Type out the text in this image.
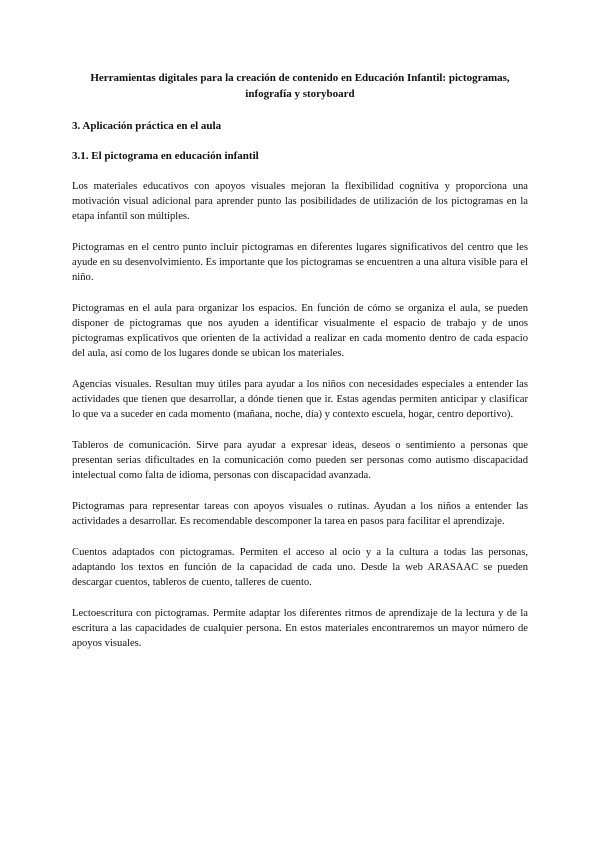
Herramientas digitales para la creación de contenido en Educación Infantil: pictogramas, infografía y storyboard

3. Aplicación práctica en el aula

3.1. El pictograma en educación infantil

Los materiales educativos con apoyos visuales mejoran la flexibilidad cognitiva y proporciona una motivación visual adicional para aprender punto las posibilidades de utilización de los pictogramas en la etapa infantil son múltiples.

Pictogramas en el centro punto incluir pictogramas en diferentes lugares significativos del centro que les ayude en su desenvolvimiento. Es importante que los pictogramas se encuentren a una altura visible para el niño.

Pictogramas en el aula para organizar los espacios. En función de cómo se organiza el aula, se pueden disponer de pictogramas que nos ayuden a identificar visualmente el espacio de trabajo y de unos pictogramas explicativos que orienten de la actividad a realizar en cada momento dentro de cada espacio del aula, así como de los lugares donde se ubican los materiales.

Agencias visuales. Resultan muy útiles para ayudar a los niños con necesidades especiales a entender las actividades que tienen que desarrollar, a dónde tienen que ir. Estas agendas permiten anticipar y clasificar lo que va a suceder en cada momento (mañana, noche, día) y contexto escuela, hogar, centro deportivo).

Tableros de comunicación. Sirve para ayudar a expresar ideas, deseos o sentimiento a personas que presentan serias dificultades en la comunicación como pueden ser personas como autismo discapacidad intelectual como falta de idioma, personas con discapacidad avanzada.

Pictogramas para representar tareas con apoyos visuales o rutinas. Ayudan a los niños a entender las actividades a desarrollar. Es recomendable descomponer la tarea en pasos para facilitar el aprendizaje.

Cuentos adaptados con pictogramas. Permiten el acceso al ocio y a la cultura a todas las personas, adaptando los textos en función de la capacidad de cada uno. Desde la web ARASAAC se pueden descargar cuentos, tableros de cuento, talleres de cuento.

Lectoescritura con pictogramas. Permite adaptar los diferentes ritmos de aprendizaje de la lectura y de la escritura a las capacidades de cualquier persona. En estos materiales encontraremos un mayor número de apoyos visuales.
